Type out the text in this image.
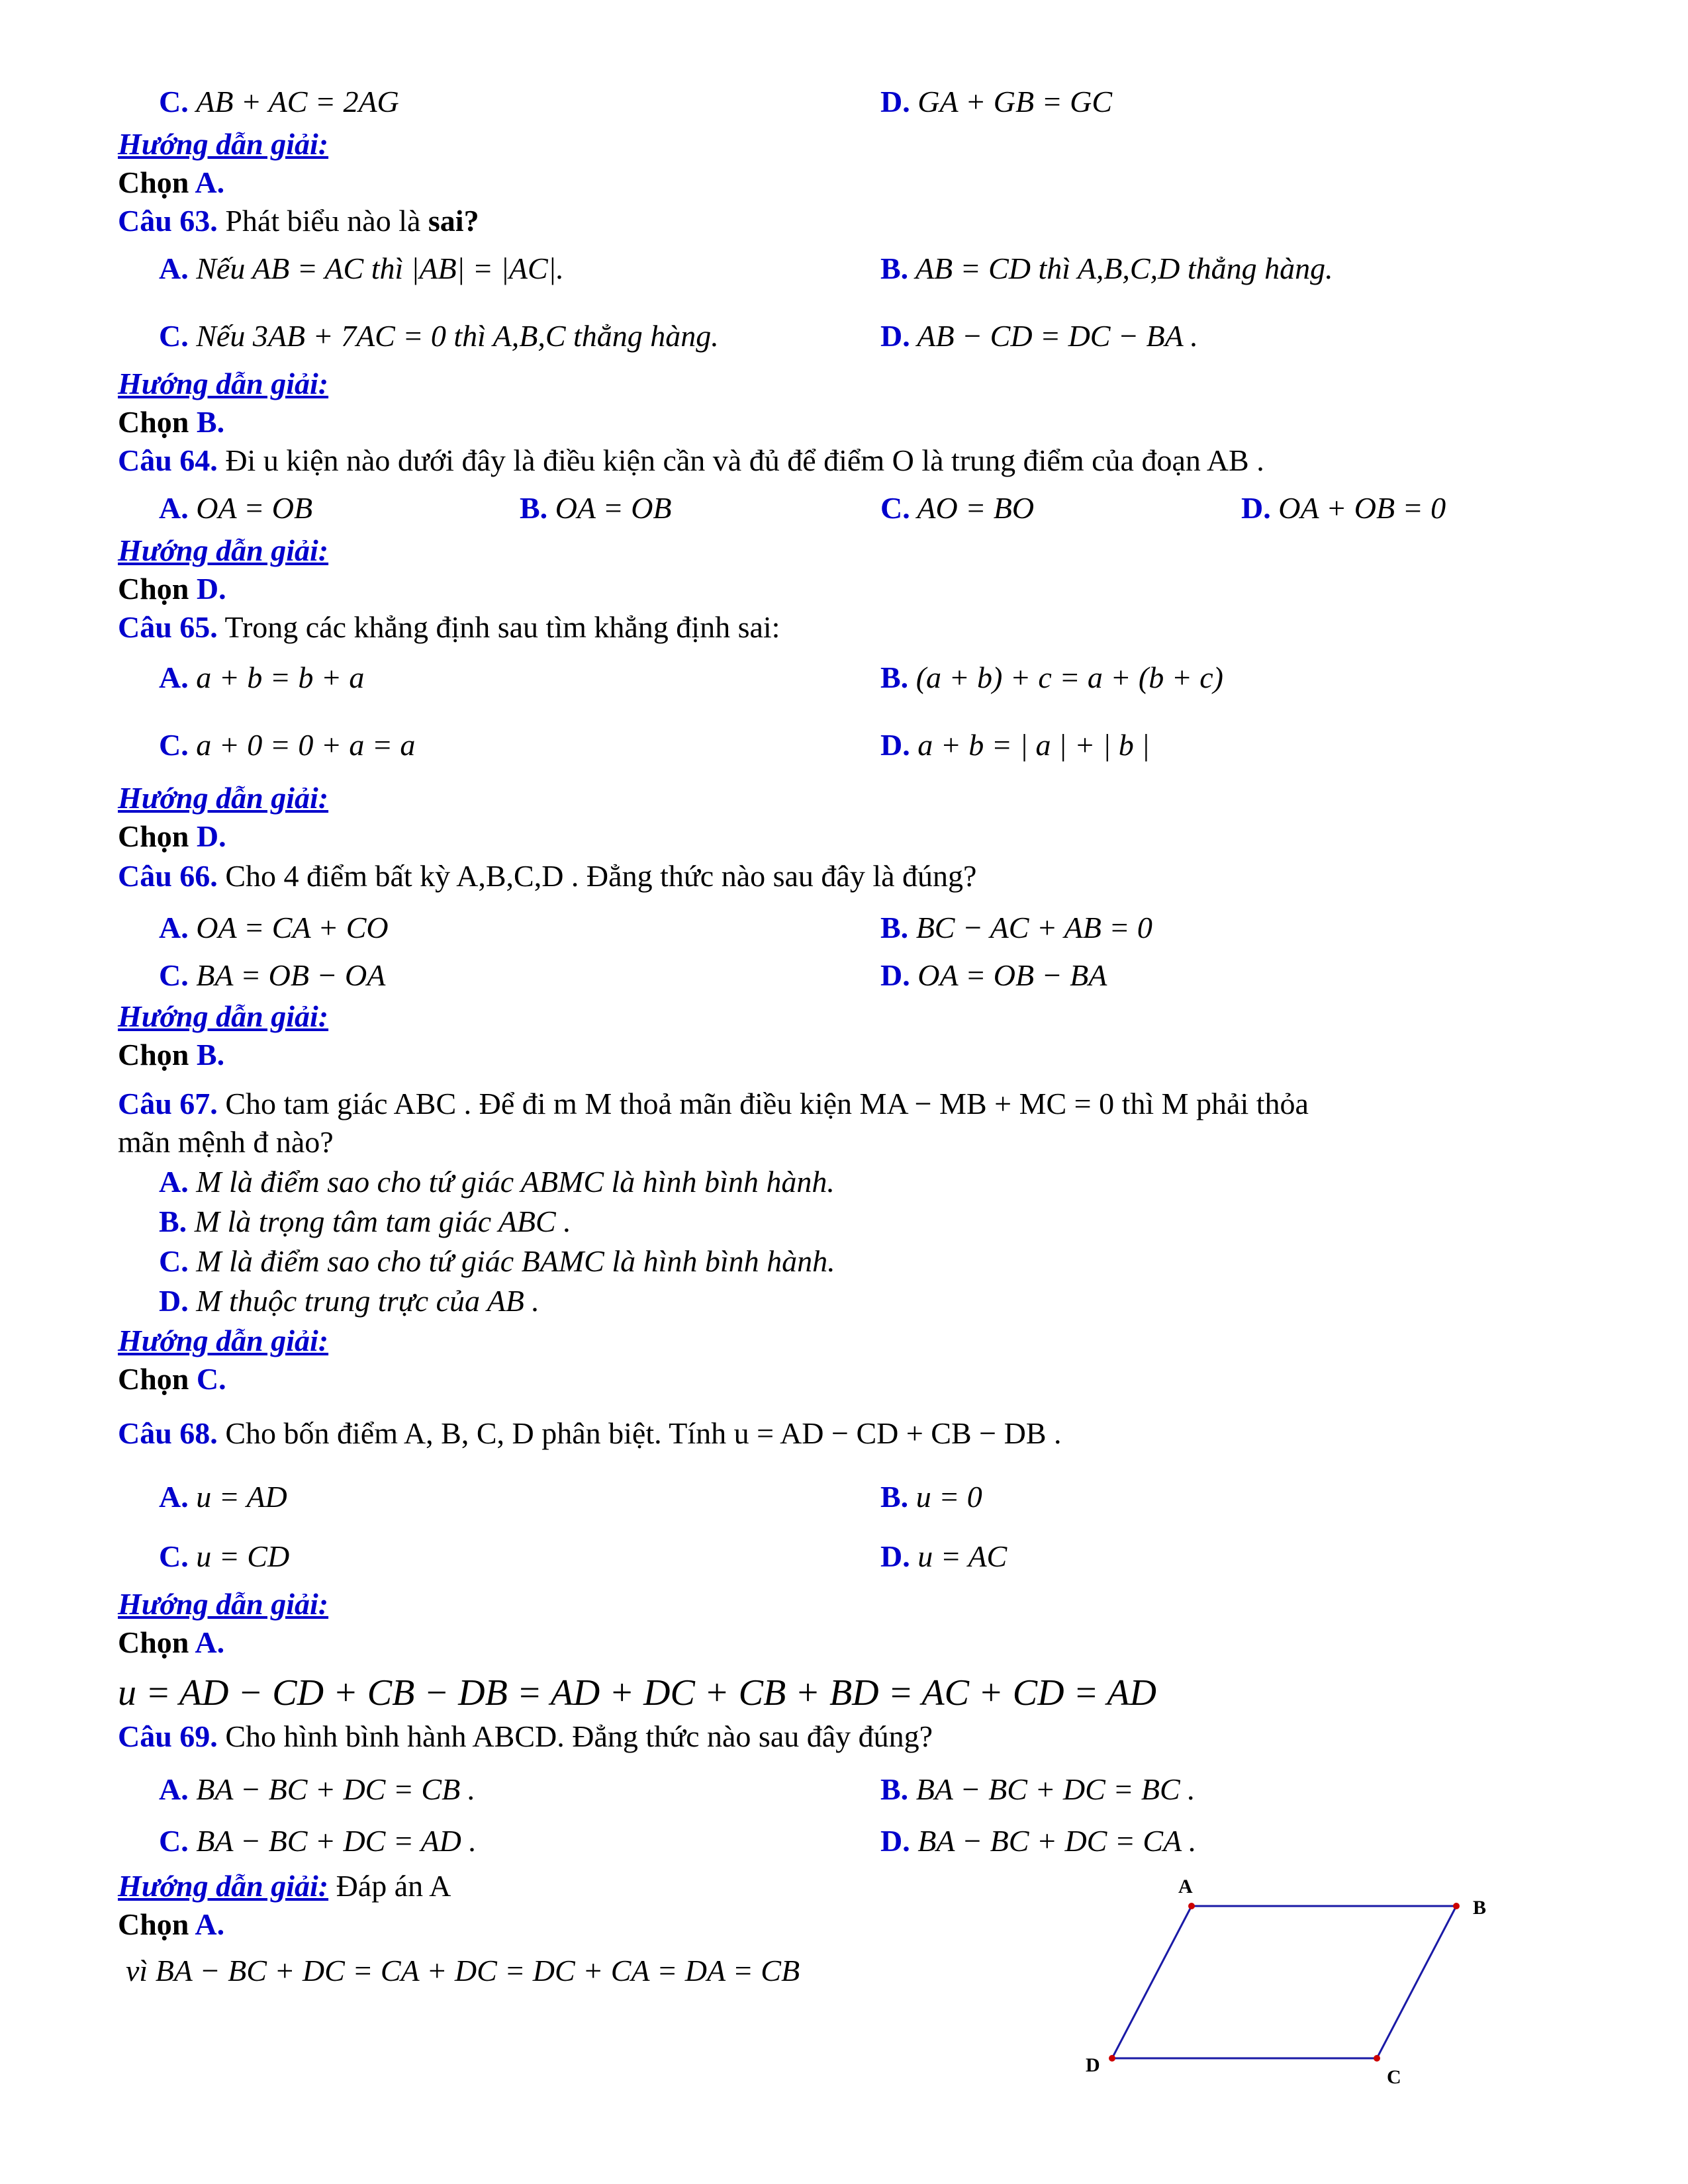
C. AB + AC = 2AG	D. GA + GB = GC
Hướng dẫn giải:
Chọn A.
Câu 63. Phát biểu nào là sai?
A. Nếu AB = AC thì |AB| = |AC|.	B. AB = CD thì A,B,C,D thẳng hàng.
C. Nếu 3AB + 7AC = 0 thì A,B,C thẳng hàng.	D. AB − CD = DC − BA .
Hướng dẫn giải:
Chọn B.
Câu 64. Đi u kiện nào dưới đây là điều kiện cần và đủ để điểm O là trung điểm của đoạn AB .
A. OA = OB	B. OA = OB	C. AO = BO	D. OA + OB = 0
Hướng dẫn giải:
Chọn D.
Câu 65. Trong các khẳng định sau tìm khẳng định sai:
A. a + b = b + a	B. (a + b) + c = a + (b + c)
C. a + 0 = 0 + a = a	D. a + b = | a | + | b |
Hướng dẫn giải:
Chọn D.
Câu 66. Cho 4 điểm bất kỳ A,B,C,D . Đẳng thức nào sau đây là đúng?
A. OA = CA + CO	B. BC − AC + AB = 0
C. BA = OB − OA	D. OA = OB − BA
Hướng dẫn giải:
Chọn B.
Câu 67. Cho tam giác ABC . Để đi m M thoả mãn điều kiện MA − MB + MC = 0 thì M phải thỏa
mãn mệnh đ nào?
A. M là điểm sao cho tứ giác ABMC là hình bình hành.
B. M là trọng tâm tam giác ABC .
C. M là điểm sao cho tứ giác BAMC là hình bình hành.
D. M thuộc trung trực của AB .
Hướng dẫn giải:
Chọn C.
Câu 68. Cho bốn điểm A, B, C, D phân biệt. Tính u = AD − CD + CB − DB .
A. u = AD	B. u = 0
C. u = CD	D. u = AC
Hướng dẫn giải:
Chọn A.
u = AD − CD + CB − DB = AD + DC + CB + BD = AC + CD = AD
Câu 69. Cho hình bình hành ABCD. Đẳng thức nào sau đây đúng?
A. BA − BC + DC = CB .	B. BA − BC + DC = BC .
C. BA − BC + DC = AD .	D. BA − BC + DC = CA .
Hướng dẫn giải: Đáp án A
Chọn A.
vì BA − BC + DC = CA + DC = DC + CA = DA = CB
A
B
C
D
